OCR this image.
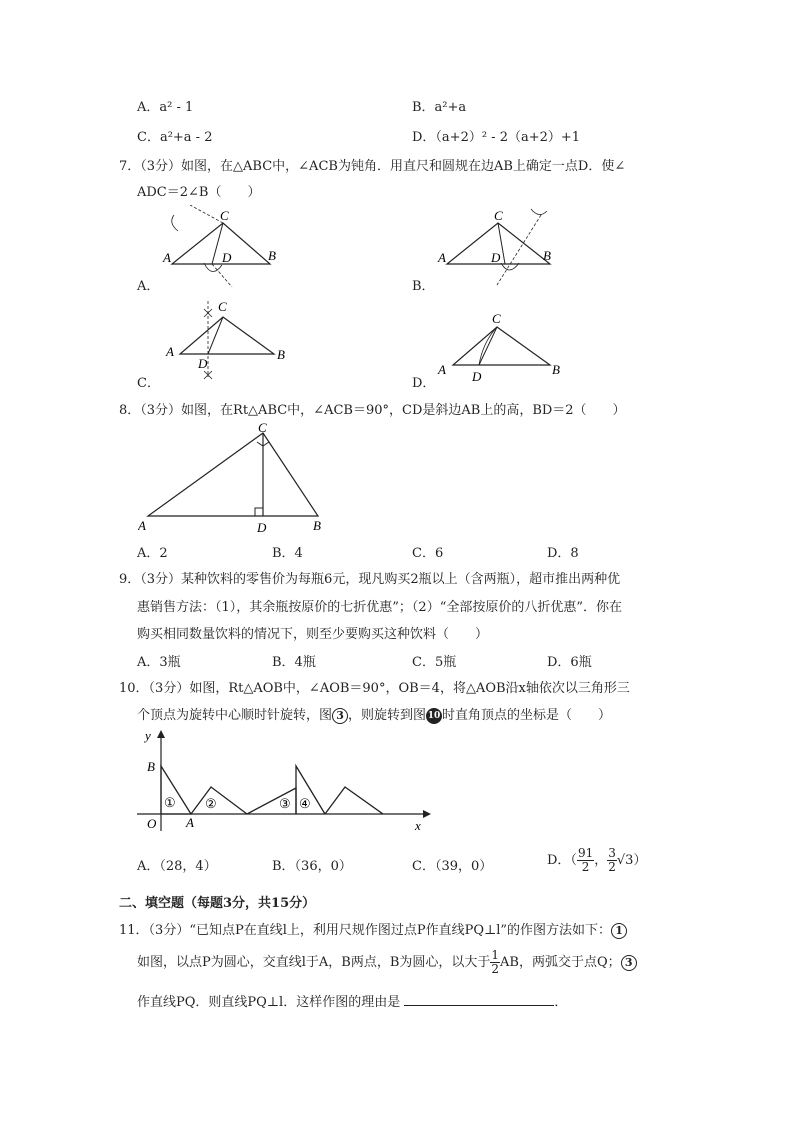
A．a² - 1	B．a²+a
C．a²+a - 2	D．（a+2）² - 2（a+2）+1
7．（3分）如图，在△ABC中，∠ACB为钝角．用直尺和圆规在边AB上确定一点D．使∠
ADC＝2∠B（　　）
A
C
B
D
A．
A
C
B
D
B．
A
C
B
D
C．
A
C
B
D
D．
8．（3分）如图，在Rt△ABC中，∠ACB＝90°，CD是斜边AB上的高，BD＝2（　　）
A
C
B
D
A．2	B．4	C．6	D．8
9．（3分）某种饮料的零售价为每瓶6元，现凡购买2瓶以上（含两瓶），超市推出两种优
惠销售方法：（1），其余瓶按原价的七折优惠”；（2）“全部按原价的八折优惠”．你在
购买相同数量饮料的情况下，则至少要购买这种饮料（　　）
A．3瓶	B．4瓶	C．5瓶	D．6瓶
10．（3分）如图，Rt△AOB中，∠AOB＝90°，OB＝4，将△AOB沿x轴依次以三角形三
个顶点为旋转中心顺时针旋转，图 3 ，则旋转到图 10 时直角顶点的坐标是（　　）
y
x
O A
B
① ②	③ ④
A．（28，4）	B．（36，0）	C．（39，0）	D．（ $\frac{91}{2}$ ， $\frac{3}{2} √3$）
二、填空题（每题3分，共15分）
11．（3分）“已知点P在直线l上，利用尺规作图过点P作直线PQ⊥l”的作图方法如下： 1
如图，以点P为圆心，交直线l于A，B两点，B为圆心，以大于 $\frac{1}{2}$ AB，两弧交于点Q； 3
作直线PQ．则直线PQ⊥l．这样作图的理由是	．
